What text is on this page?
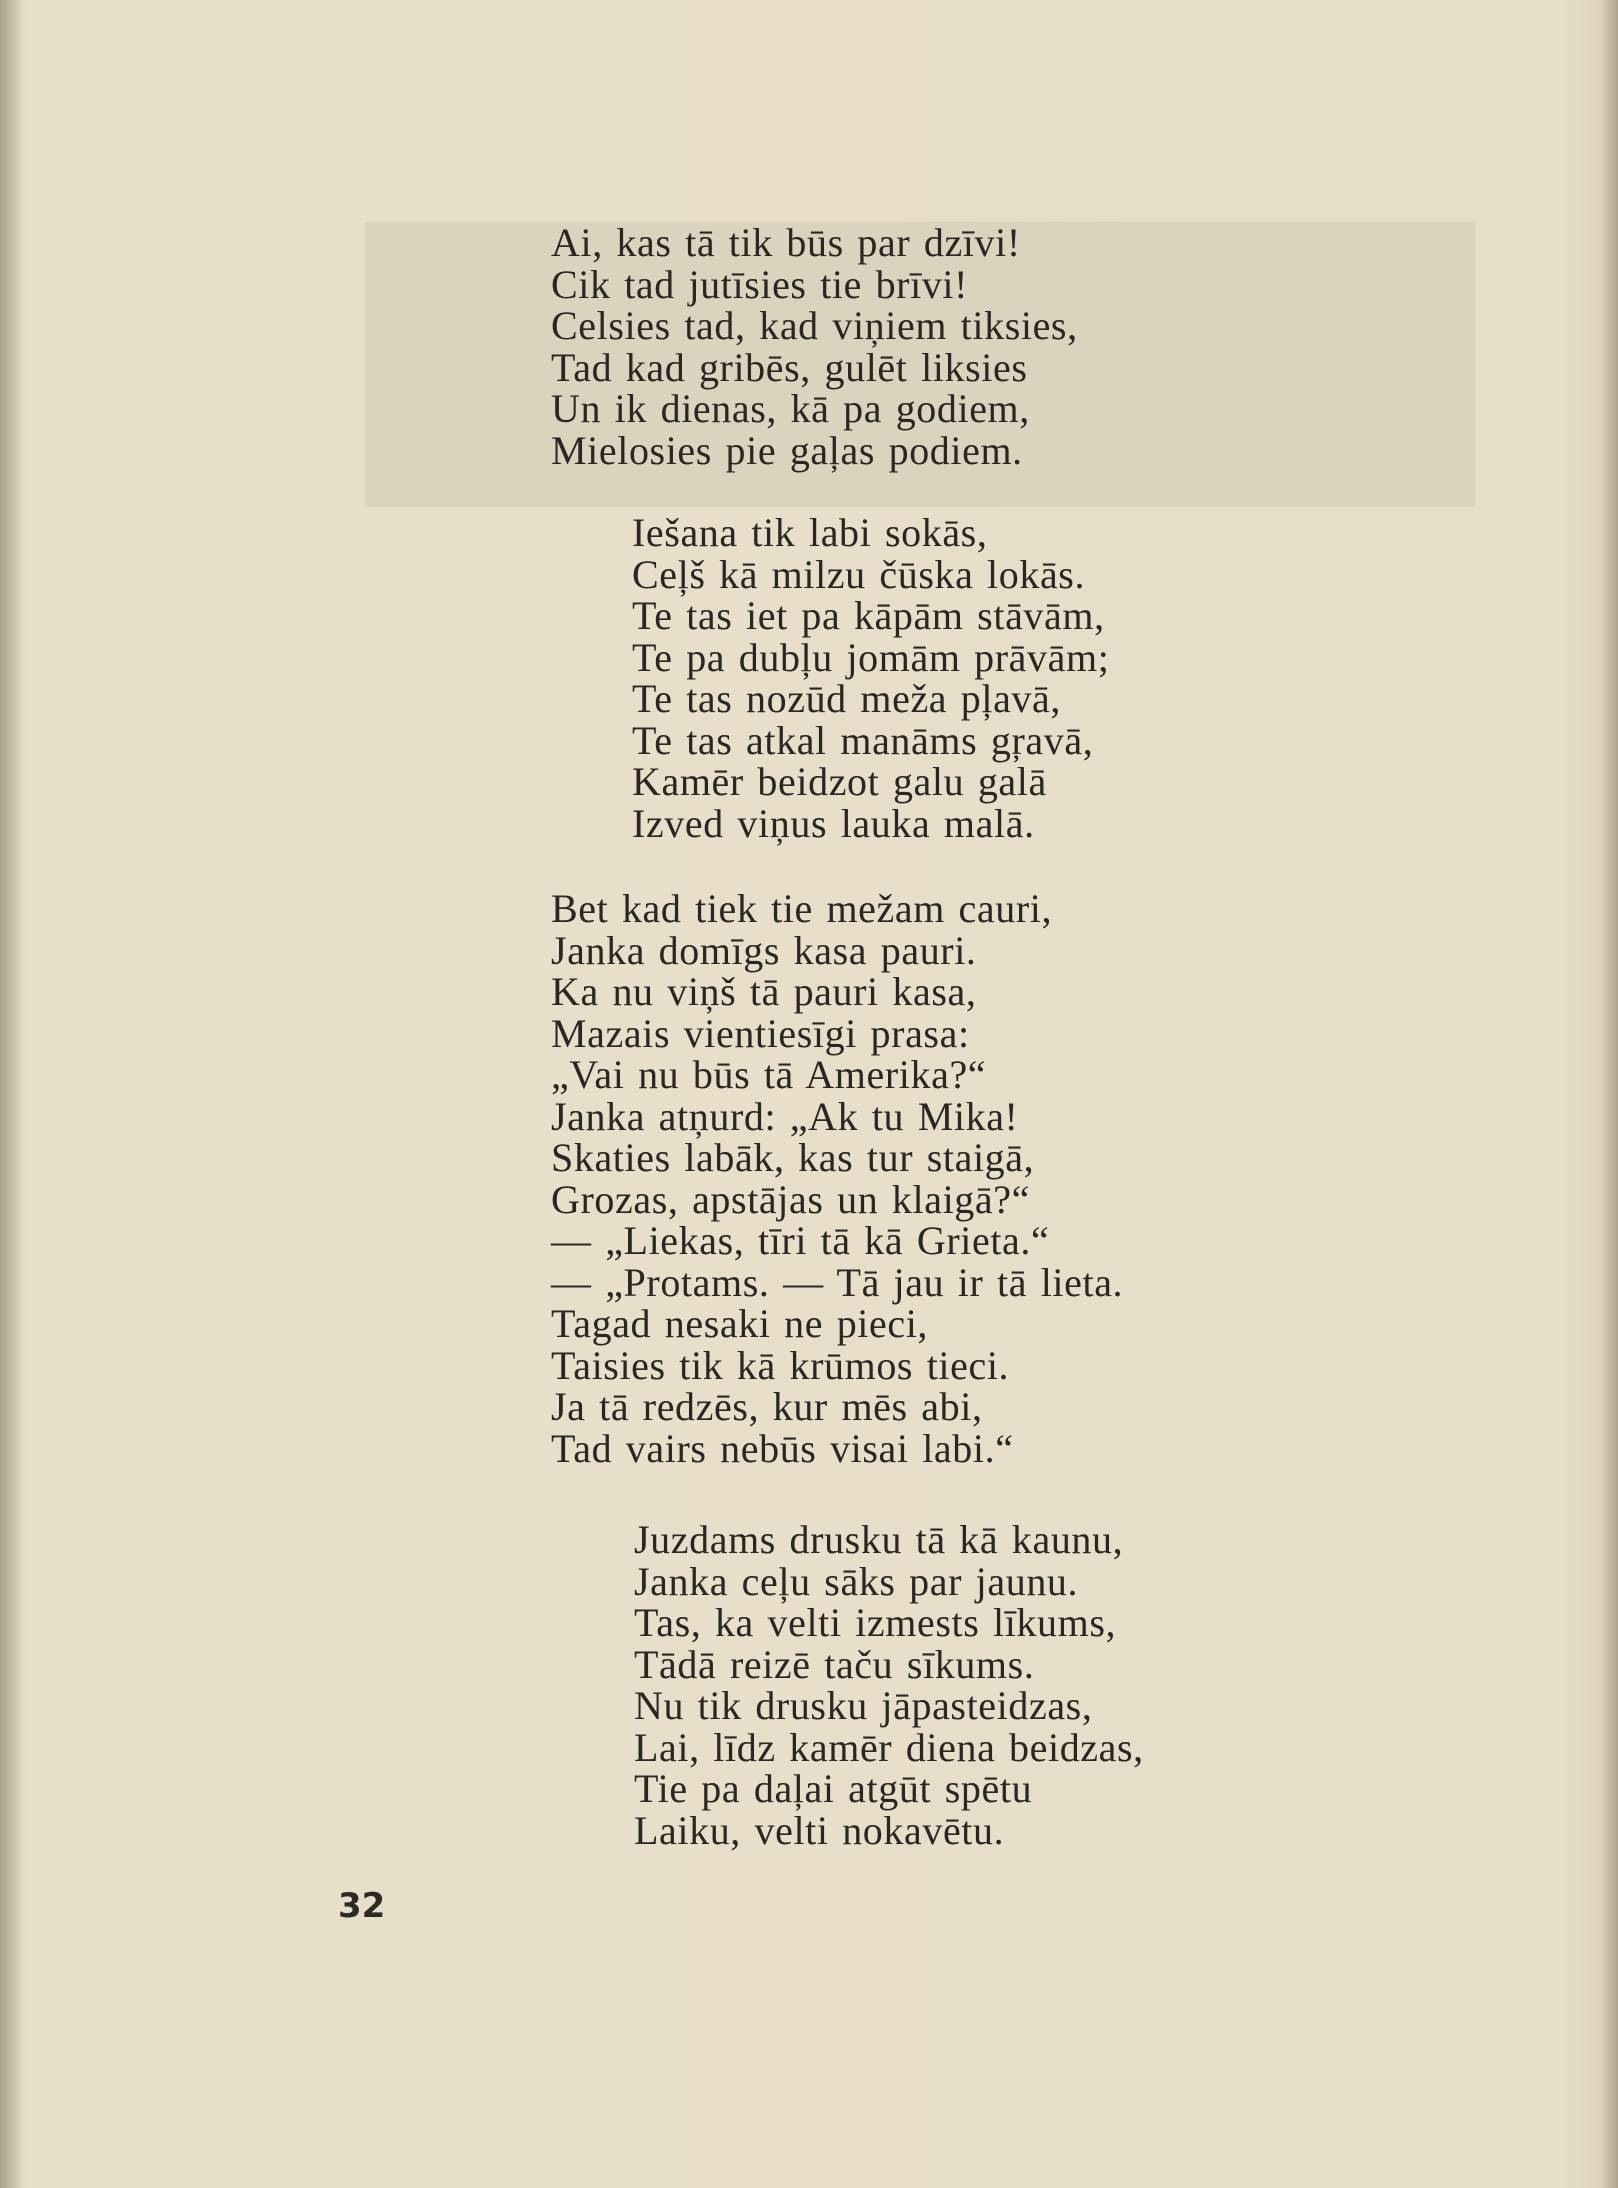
Ai, kas tā tik būs par dzīvi!
Cik tad jutīsies tie brīvi!
Celsies tad, kad viņiem tiksies,
Tad kad gribēs, gulēt liksies
Un ik dienas, kā pa godiem,
Mielosies pie gaļas podiem.
Iešana tik labi sokās,
Ceļš kā milzu čūska lokās.
Te tas iet pa kāpām stāvām,
Te pa dubļu jomām prāvām;
Te tas nozūd meža pļavā,
Te tas atkal manāms gŗavā,
Kamēr beidzot galu galā
Izved viņus lauka malā.
Bet kad tiek tie mežam cauri,
Janka domīgs kasa pauri.
Ka nu viņš tā pauri kasa,
Mazais vientiesīgi prasa:
„Vai nu būs tā Amerika?“
Janka atņurd: „Ak tu Mika!
Skaties labāk, kas tur staigā,
Grozas, apstājas un klaigā?“
— „Liekas, tīri tā kā Grieta.“
— „Protams. — Tā jau ir tā lieta.
Tagad nesaki ne pieci,
Taisies tik kā krūmos tieci.
Ja tā redzēs, kur mēs abi,
Tad vairs nebūs visai labi.“
Juzdams drusku tā kā kaunu,
Janka ceļu sāks par jaunu.
Tas, ka velti izmests līkums,
Tādā reizē taču sīkums.
Nu tik drusku jāpasteidzas,
Lai, līdz kamēr diena beidzas,
Tie pa daļai atgūt spētu
Laiku, velti nokavētu.
32
